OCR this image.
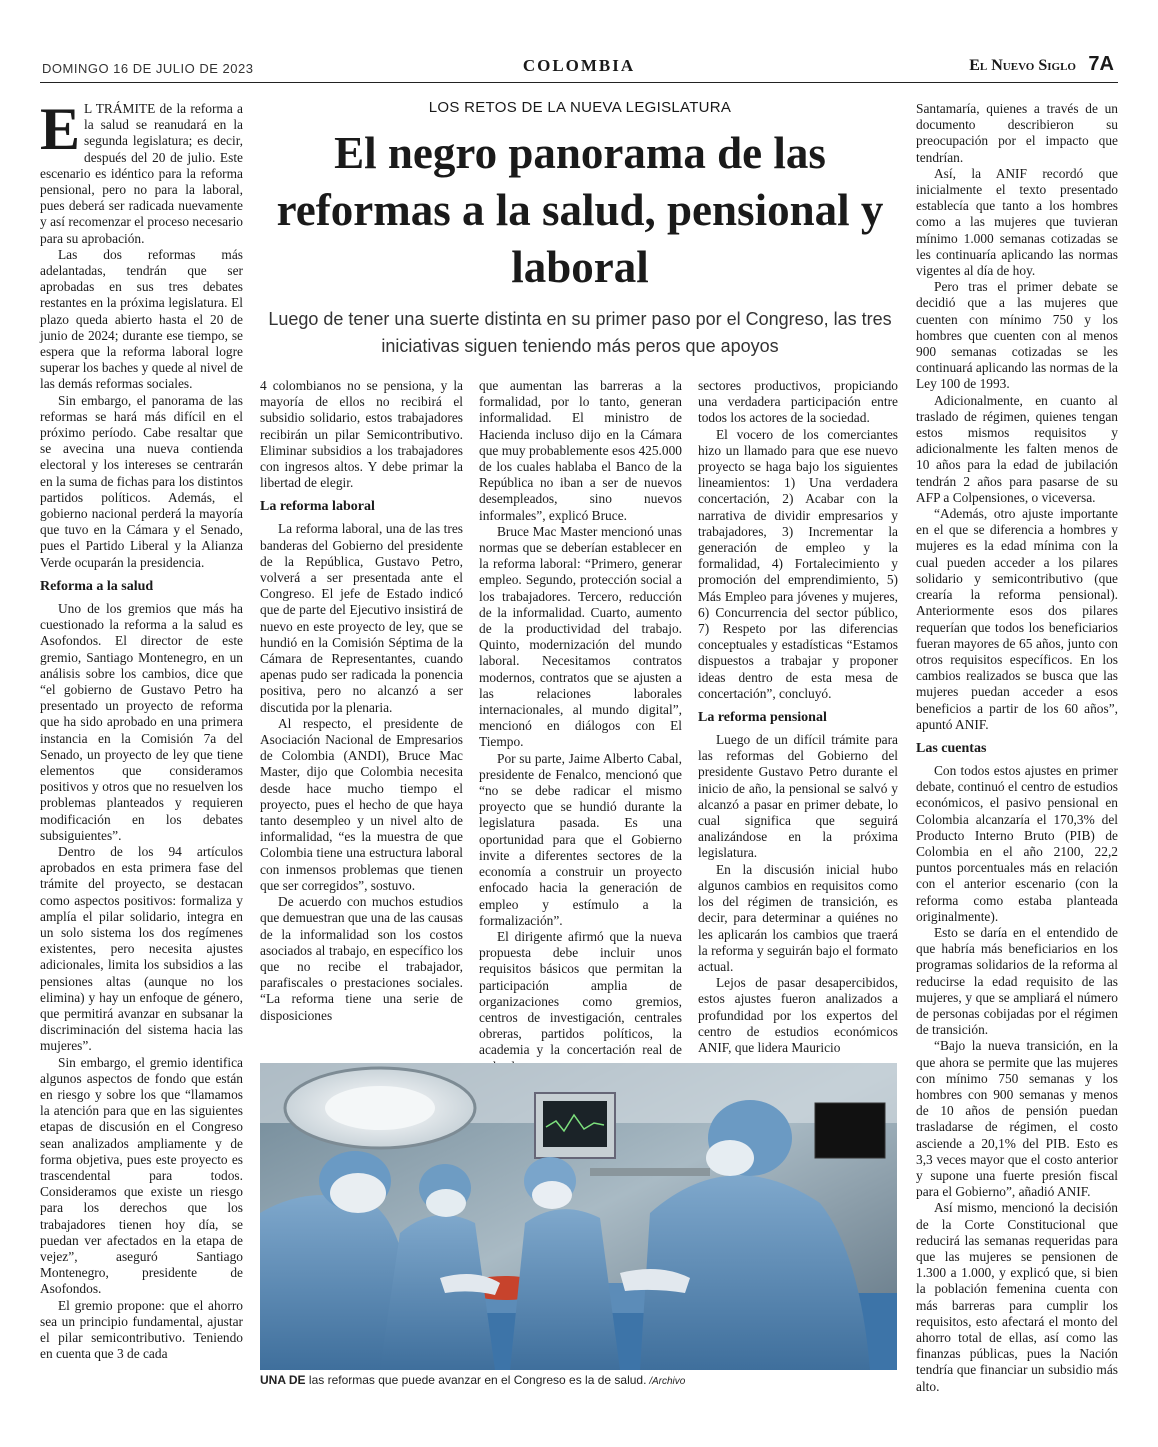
DOMINGO 16 DE JULIO DE 2023	COLOMBIA	El Nuevo Siglo 7A
LOS RETOS DE LA NUEVA LEGISLATURA
El negro panorama de las reformas a la salud, pensional y laboral
Luego de tener una suerte distinta en su primer paso por el Congreso, las tres iniciativas siguen teniendo más peros que apoyos

E L TRÁMITE de la reforma a la salud se reanudará en la segunda legislatura; es decir, después del 20 de julio. Este escenario es idéntico para la reforma pensional, pero no para la laboral, pues deberá ser radicada nuevamente y así recomenzar el proceso necesario para su aprobación.

Las dos reformas más adelantadas, tendrán que ser aprobadas en sus tres debates restantes en la próxima legislatura. El plazo queda abierto hasta el 20 de junio de 2024; durante ese tiempo, se espera que la reforma laboral logre superar los baches y quede al nivel de las demás reformas sociales.

Sin embargo, el panorama de las reformas se hará más difícil en el próximo período. Cabe resaltar que se avecina una nueva contienda electoral y los intereses se centrarán en la suma de fichas para los distintos partidos políticos. Además, el gobierno nacional perderá la mayoría que tuvo en la Cámara y el Senado, pues el Partido Liberal y la Alianza Verde ocuparán la presidencia.

Reforma a la salud

Uno de los gremios que más ha cuestionado la reforma a la salud es Asofondos. El director de este gremio, Santiago Montenegro, en un análisis sobre los cambios, dice que “el gobierno de Gustavo Petro ha presentado un proyecto de reforma que ha sido aprobado en una primera instancia en la Comisión 7a del Senado, un proyecto de ley que tiene elementos que consideramos positivos y otros que no resuelven los problemas planteados y requieren modificación en los debates subsiguientes”.

Dentro de los 94 artículos aprobados en esta primera fase del trámite del proyecto, se destacan como aspectos positivos: formaliza y amplía el pilar solidario, integra en un solo sistema los dos regímenes existentes, pero necesita ajustes adicionales, limita los subsidios a las pensiones altas (aunque no los elimina) y hay un enfoque de género, que permitirá avanzar en subsanar la discriminación del sistema hacia las mujeres”.

Sin embargo, el gremio identifica algunos aspectos de fondo que están en riesgo y sobre los que “llamamos la atención para que en las siguientes etapas de discusión en el Congreso sean analizados ampliamente y de forma objetiva, pues este proyecto es trascendental para todos. Consideramos que existe un riesgo para los derechos que los trabajadores tienen hoy día, se puedan ver afectados en la etapa de vejez”, aseguró Santiago Montenegro, presidente de Asofondos.

El gremio propone: que el ahorro sea un principio fundamental, ajustar el pilar semicontributivo. Teniendo en cuenta que 3 de cada

4 colombianos no se pensiona, y la mayoría de ellos no recibirá el subsidio solidario, estos trabajadores recibirán un pilar Semicontributivo. Eliminar subsidios a los trabajadores con ingresos altos. Y debe primar la libertad de elegir.

La reforma laboral

La reforma laboral, una de las tres banderas del Gobierno del presidente de la República, Gustavo Petro, volverá a ser presentada ante el Congreso. El jefe de Estado indicó que de parte del Ejecutivo insistirá de nuevo en este proyecto de ley, que se hundió en la Comisión Séptima de la Cámara de Representantes, cuando apenas pudo ser radicada la ponencia positiva, pero no alcanzó a ser discutida por la plenaria.

Al respecto, el presidente de Asociación Nacional de Empresarios de Colombia (ANDI), Bruce Mac Master, dijo que Colombia necesita desde hace mucho tiempo el proyecto, pues el hecho de que haya tanto desempleo y un nivel alto de informalidad, “es la muestra de que Colombia tiene una estructura laboral con inmensos problemas que tienen que ser corregidos”, sostuvo.

De acuerdo con muchos estudios que demuestran que una de las causas de la informalidad son los costos asociados al trabajo, en específico los que no recibe el trabajador, parafiscales o prestaciones sociales. “La reforma tiene una serie de disposiciones

que aumentan las barreras a la formalidad, por lo tanto, generan informalidad. El ministro de Hacienda incluso dijo en la Cámara que muy probablemente esos 425.000 de los cuales hablaba el Banco de la República no iban a ser de nuevos desempleados, sino nuevos informales”, explicó Bruce.

Bruce Mac Master mencionó unas normas que se deberían establecer en la reforma laboral: “Primero, generar empleo. Segundo, protección social a los trabajadores. Tercero, reducción de la informalidad. Cuarto, aumento de la productividad del trabajo. Quinto, modernización del mundo laboral. Necesitamos contratos modernos, contratos que se ajusten a las relaciones laborales internacionales, al mundo digital”, mencionó en diálogos con El Tiempo.

Por su parte, Jaime Alberto Cabal, presidente de Fenalco, mencionó que “no se debe radicar el mismo proyecto que se hundió durante la legislatura pasada. Es una oportunidad para que el Gobierno invite a diferentes sectores de la economía a construir un proyecto enfocado hacia la generación de empleo y estímulo a la formalización”.

El dirigente afirmó que la nueva propuesta debe incluir unos requisitos básicos que permitan la participación amplia de organizaciones como gremios, centros de investigación, centrales obreras, partidos políticos, la academia y la concertación real de

sectores productivos, propiciando una verdadera participación entre todos los actores de la sociedad.

El vocero de los comerciantes hizo un llamado para que ese nuevo proyecto se haga bajo los siguientes lineamientos: 1) Una verdadera concertación, 2) Acabar con la narrativa de dividir empresarios y trabajadores, 3) Incrementar la generación de empleo y la formalidad, 4) Fortalecimiento y promoción del emprendimiento, 5) Más Empleo para jóvenes y mujeres, 6) Concurrencia del sector público, 7) Respeto por las diferencias conceptuales y estadísticas “Estamos dispuestos a trabajar y proponer ideas dentro de esta mesa de concertación”, concluyó.

La reforma pensional

Luego de un difícil trámite para las reformas del Gobierno del presidente Gustavo Petro durante el inicio de año, la pensional se salvó y alcanzó a pasar en primer debate, lo cual significa que seguirá analizándose en la próxima legislatura.

En la discusión inicial hubo algunos cambios en requisitos como los del régimen de transición, es decir, para determinar a quiénes no les aplicarán los cambios que traerá la reforma y seguirán bajo el formato actual.

Lejos de pasar desapercibidos, estos ajustes fueron analizados a profundidad por los expertos del centro de estudios económicos ANIF, que lidera Mauricio

Santamaría, quienes a través de un documento describieron su preocupación por el impacto que tendrían.

Así, la ANIF recordó que inicialmente el texto presentado establecía que tanto a los hombres como a las mujeres que tuvieran mínimo 1.000 semanas cotizadas se les continuaría aplicando las normas vigentes al día de hoy.

Pero tras el primer debate se decidió que a las mujeres que cuenten con mínimo 750 y los hombres que cuenten con al menos 900 semanas cotizadas se les continuará aplicando las normas de la Ley 100 de 1993.

Adicionalmente, en cuanto al traslado de régimen, quienes tengan estos mismos requisitos y adicionalmente les falten menos de 10 años para la edad de jubilación tendrán 2 años para pasarse de su AFP a Colpensiones, o viceversa.

“Además, otro ajuste importante en el que se diferencia a hombres y mujeres es la edad mínima con la cual pueden acceder a los pilares solidario y semicontributivo (que crearía la reforma pensional). Anteriormente esos dos pilares requerían que todos los beneficiarios fueran mayores de 65 años, junto con otros requisitos específicos. En los cambios realizados se busca que las mujeres puedan acceder a esos beneficios a partir de los 60 años”, apuntó ANIF.

Las cuentas

Con todos estos ajustes en primer debate, continuó el centro de estudios económicos, el pasivo pensional en Colombia alcanzaría el 170,3% del Producto Interno Bruto (PIB) de Colombia en el año 2100, 22,2 puntos porcentuales más en relación con el anterior escenario (con la reforma como estaba planteada originalmente).

Esto se daría en el entendido de que habría más beneficiarios en los programas solidarios de la reforma al reducirse la edad requisito de las mujeres, y que se ampliará el número de personas cobijadas por el régimen de transición.

“Bajo la nueva transición, en la que ahora se permite que las mujeres con mínimo 750 semanas y los hombres con 900 semanas y menos de 10 años de pensión puedan trasladarse de régimen, el costo asciende a 20,1% del PIB. Esto es 3,3 veces mayor que el costo anterior y supone una fuerte presión fiscal para el Gobierno”, añadió ANIF.

Así mismo, mencionó la decisión de la Corte Constitucional que reducirá las semanas requeridas para que las mujeres se pensionen de 1.300 a 1.000, y explicó que, si bien la población femenina cuenta con más barreras para cumplir los requisitos, esto afectará el monto del ahorro total de ellas, así como las finanzas públicas, pues la Nación tendría que financiar un subsidio más alto.

UNA DE las reformas que puede avanzar en el Congreso es la de salud. /Archivo
